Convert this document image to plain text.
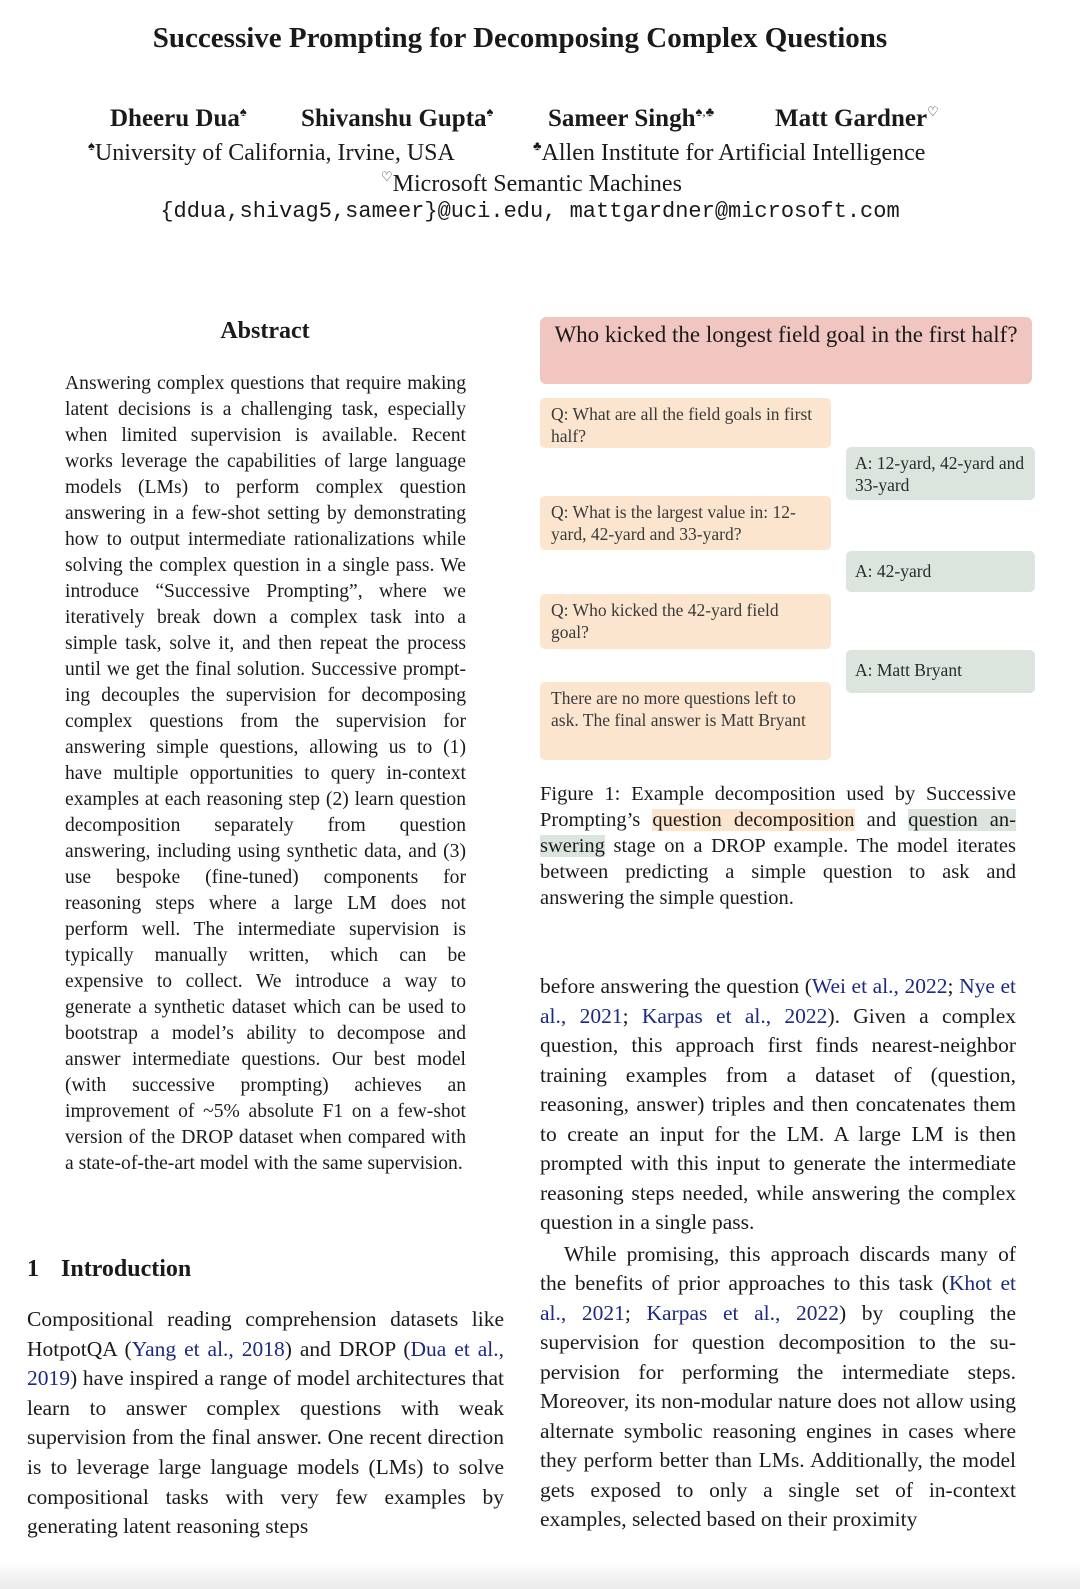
Successive Prompting for Decomposing Complex Questions
Dheeru Dua♠ Shivanshu Gupta♠ Sameer Singh♠,♣ Matt Gardner♡
♠University of California, Irvine, USA	♣Allen Institute for Artificial Intelligence
♡Microsoft Semantic Machines
{ddua,shivag5,sameer}@uci.edu, mattgardner@microsoft.com
Abstract
Answering complex questions that require making latent decisions is a challenging task, especially when limited supervision is available. Recent works leverage the capabilities of large language models (LMs) to perform complex question answering in a few-shot setting by demonstrating how to output intermediate rationalizations while solving the complex question in a single pass. We introduce “Successive Prompting”, where we iteratively break down a complex task into a simple task, solve it, and then repeat the process until we get the final solution. Successive prompting decouples the supervision for decomposing complex questions from the supervision for answering simple questions, allowing us to (1) have multiple opportunities to query in-context examples at each reasoning step (2) learn question decomposition separately from question answering, including using synthetic data, and (3) use bespoke (fine-tuned) components for reasoning steps where a large LM does not perform well. The intermediate supervision is typically manually written, which can be expensive to collect. We introduce a way to generate a synthetic dataset which can be used to bootstrap a model’s ability to decompose and answer intermediate questions. Our best model (with successive prompting) achieves an improvement of ~5% absolute F1 on a few-shot version of the DROP dataset when compared with a state-of-the-art model with the same supervision.
1 Introduction
Compositional reading comprehension datasets like HotpotQA (Yang et al., 2018) and DROP (Dua et al., 2019) have inspired a range of model architectures that learn to answer complex questions with weak supervision from the final answer. One recent direction is to leverage large language models (LMs) to solve compositional tasks with very few examples by generating latent reasoning steps
Who kicked the longest field goal in the first half?
Q: What are all the field goals in first half?
A: 12-yard, 42-yard and 33-yard
Q: What is the largest value in: 12-yard, 42-yard and 33-yard?
A: 42-yard
Q: Who kicked the 42-yard field goal?
A: Matt Bryant
There are no more questions left to ask. The final answer is Matt Bryant
Figure 1: Example decomposition used by Successive Prompting’s question decomposition and question answering stage on a DROP example. The model iterates between predicting a simple question to ask and answering the simple question.

before answering the question (Wei et al., 2022; Nye et al., 2021; Karpas et al., 2022). Given a complex question, this approach first finds nearest-neighbor training examples from a dataset of (question, reasoning, answer) triples and then concatenates them to create an input for the LM. A large LM is then prompted with this input to generate the intermediate reasoning steps needed, while answering the complex question in a single pass.

While promising, this approach discards many of the benefits of prior approaches to this task (Khot et al., 2021; Karpas et al., 2022) by coupling the supervision for question decomposition to the supervision for performing the intermediate steps. Moreover, its non-modular nature does not allow using alternate symbolic reasoning engines in cases where they perform better than LMs. Additionally, the model gets exposed to only a single set of in-context examples, selected based on their proximity
